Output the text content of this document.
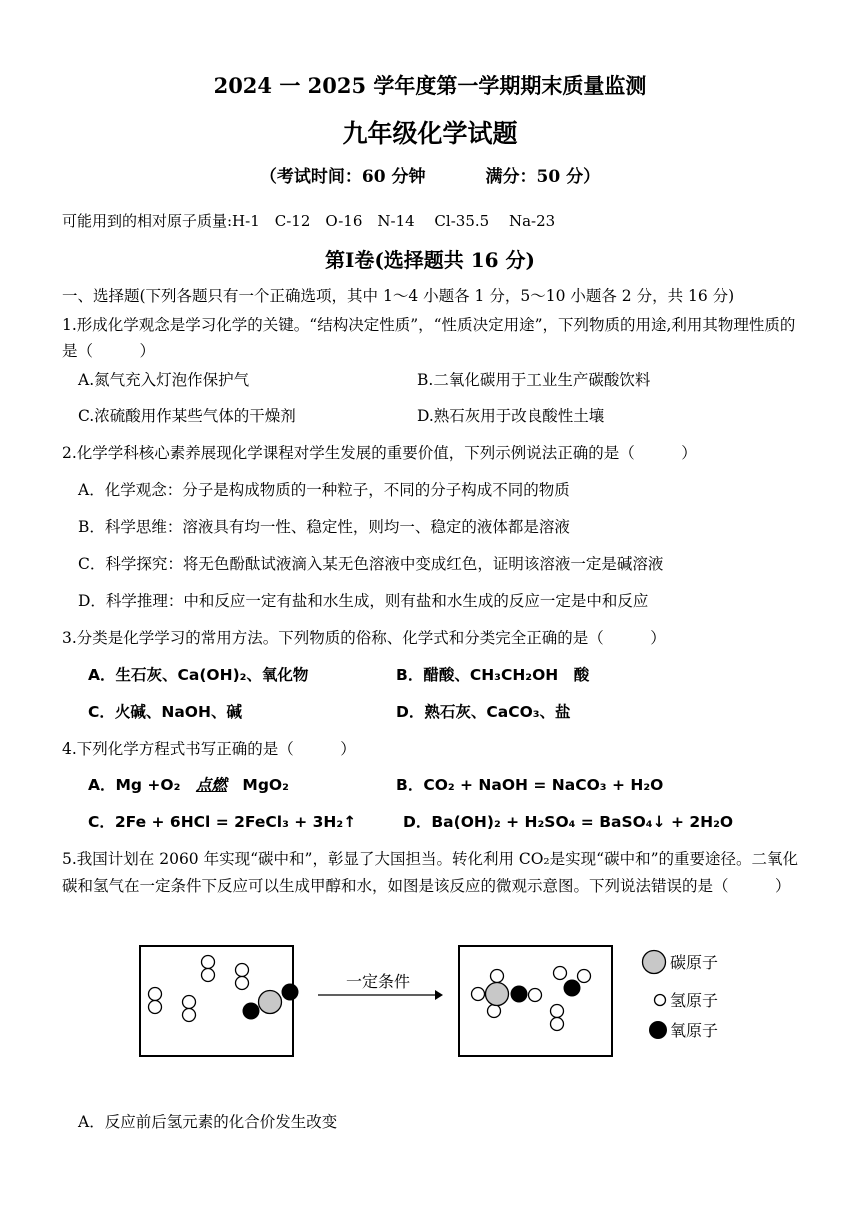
2024 一 2025 学年度第一学期期末质量监测
九年级化学试题
（考试时间：60 分钟	满分：50 分）
可能用到的相对原子质量:H-1　C-12　O-16　N-14　 Cl-35.5　 Na-23
第Ⅰ卷(选择题共 16 分)
一、选择题(下列各题只有一个正确选项，其中 1～4 小题各 1 分，5～10 小题各 2 分，共 16 分)
1.形成化学观念是学习化学的关键。“结构决定性质”，“性质决定用途”，下列物质的用途,利用其物理性质的是（　　　）
A.氮气充入灯泡作保护气	B.二氧化碳用于工业生产碳酸饮料
C.浓硫酸用作某些气体的干燥剂	D.熟石灰用于改良酸性土壤
2.化学学科核心素养展现化学课程对学生发展的重要价值，下列示例说法正确的是（　　　）
A．化学观念：分子是构成物质的一种粒子，不同的分子构成不同的物质
B．科学思维：溶液具有均一性、稳定性，则均一、稳定的液体都是溶液
C．科学探究：将无色酚酞试液滴入某无色溶液中变成红色，证明该溶液一定是碱溶液
D．科学推理：中和反应一定有盐和水生成，则有盐和水生成的反应一定是中和反应
3.分类是化学学习的常用方法。下列物质的俗称、化学式和分类完全正确的是（　　　）
A．生石灰、Ca(OH)₂、氧化物	B．醋酸、CH₃CH₂OH　酸
C．火碱、NaOH、碱	D．熟石灰、CaCO₃、盐
4.下列化学方程式书写正确的是（　　　）
A．Mg +O₂　点燃　MgO₂	B．CO₂ + NaOH = NaCO₃ + H₂O
C．2Fe + 6HCl = 2FeCl₃ + 3H₂↑	D．Ba(OH)₂ + H₂SO₄ = BaSO₄↓ + 2H₂O
5.我国计划在 2060 年实现“碳中和”，彰显了大国担当。转化利用 CO₂是实现“碳中和”的重要途径。二氧化碳和氢气在一定条件下反应可以生成甲醇和水，如图是该反应的微观示意图。下列说法错误的是（　　　）
一定条件
碳原子
氢原子
氧原子
A．反应前后氢元素的化合价发生改变
